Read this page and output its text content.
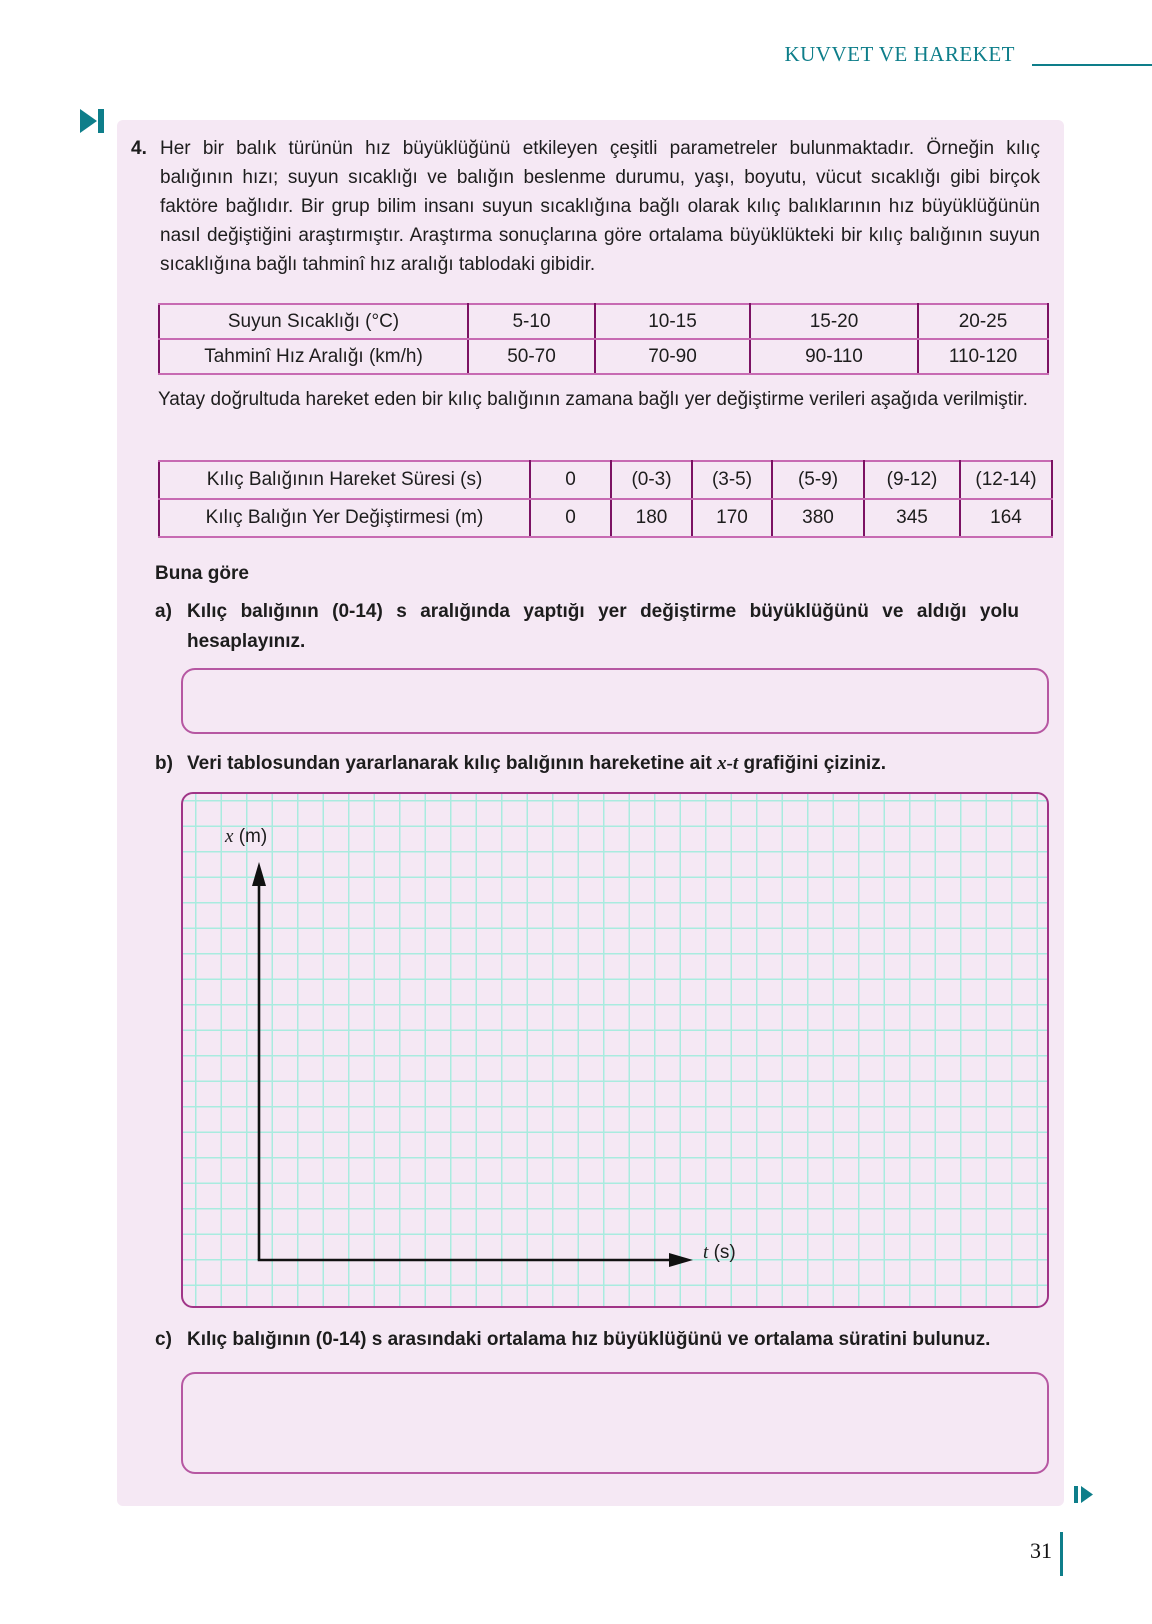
KUVVET VE HAREKET
4. Her bir balık türünün hız büyüklüğünü etkileyen çeşitli parametreler bulunmaktadır. Örneğin kılıç balığının hızı; suyun sıcaklığı ve balığın beslenme durumu, yaşı, boyutu, vücut sıcaklığı gibi birçok faktöre bağlıdır. Bir grup bilim insanı suyun sıcaklığına bağlı olarak kılıç balıklarının hız büyüklüğünün nasıl değiştiğini araştırmıştır. Araştırma sonuçlarına göre ortalama büyüklükteki bir kılıç balığının suyun sıcaklığına bağlı tahminî hız aralığı tablodaki gibidir.
Suyun Sıcaklığı (°C)	5-10	10-15	15-20	20-25
Tahminî Hız Aralığı (km/h)	50-70	70-90	90-110	110-120
Yatay doğrultuda hareket eden bir kılıç balığının zamana bağlı yer değiştirme verileri aşağıda verilmiştir.
Kılıç Balığının Hareket Süresi (s)	0	(0-3)	(3-5)	(5-9)	(9-12)	(12-14)
Kılıç Balığın Yer Değiştirmesi (m)	0	180	170	380	345	164
Buna göre
a) Kılıç balığının (0-14) s aralığında yaptığı yer değiştirme büyüklüğünü ve aldığı yolu hesaplayınız.
b) Veri tablosundan yararlanarak kılıç balığının hareketine ait x-t grafiğini çiziniz.
x (m)
t (s)
c) Kılıç balığının (0-14) s arasındaki ortalama hız büyüklüğünü ve ortalama süratini bulunuz.
31
